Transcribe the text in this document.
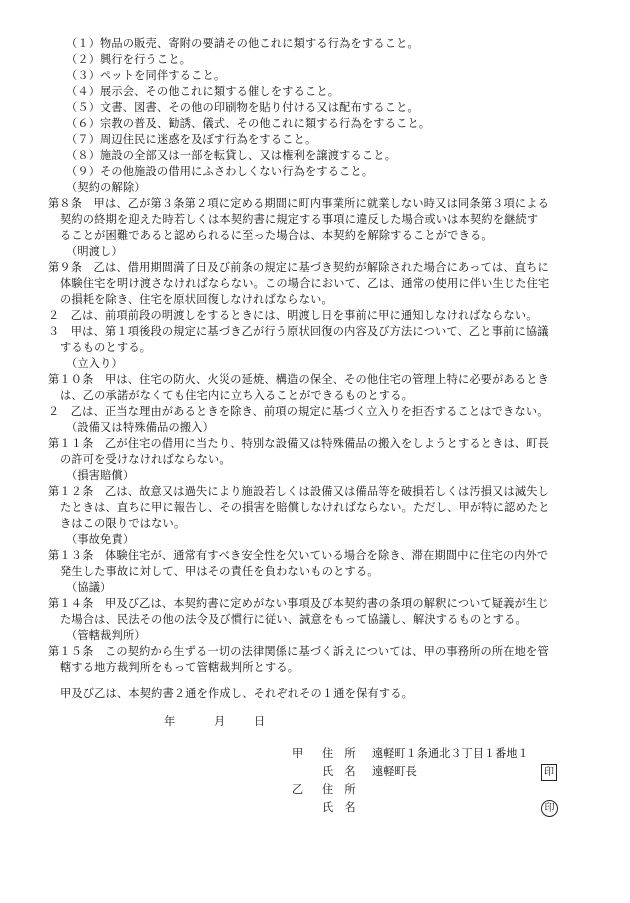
（１）物品の販売、寄附の要請その他これに類する行為をすること。
（２）興行を行うこと。
（３）ペットを同伴すること。
（４）展示会、その他これに類する催しをすること。
（５）文書、図書、その他の印刷物を貼り付ける又は配布すること。
（６）宗教の普及、勧誘、儀式、その他これに類する行為をすること。
（７）周辺住民に迷惑を及ぼす行為をすること。
（８）施設の全部又は一部を転貸し、又は権利を譲渡すること。
（９）その他施設の借用にふさわしくない行為をすること。
（契約の解除）
第８条　甲は、乙が第３条第２項に定める期間に町内事業所に就業しない時又は同条第３項による
契約の終期を迎えた時若しくは本契約書に規定する事項に違反した場合或いは本契約を継続す
ることが困難であると認められるに至った場合は、本契約を解除することができる。
（明渡し）
第９条　乙は、借用期間満了日及び前条の規定に基づき契約が解除された場合にあっては、直ちに
体験住宅を明け渡さなければならない。この場合において、乙は、通常の使用に伴い生じた住宅
の損耗を除き、住宅を原状回復しなければならない。
２　乙は、前項前段の明渡しをするときには、明渡し日を事前に甲に通知しなければならない。
３　甲は、第１項後段の規定に基づき乙が行う原状回復の内容及び方法について、乙と事前に協議
するものとする。
（立入り）
第１０条　甲は、住宅の防火、火災の延焼、構造の保全、その他住宅の管理上特に必要があるとき
は、乙の承諾がなくても住宅内に立ち入ることができるものとする。
２　乙は、正当な理由があるときを除き、前項の規定に基づく立入りを拒否することはできない。
（設備又は特殊備品の搬入）
第１１条　乙が住宅の借用に当たり、特別な設備又は特殊備品の搬入をしようとするときは、町長
の許可を受けなければならない。
（損害賠償）
第１２条　乙は、故意又は過失により施設若しくは設備又は備品等を破損若しくは汚損又は滅失し
たときは、直ちに甲に報告し、その損害を賠償しなければならない。ただし、甲が特に認めたと
きはこの限りではない。
（事故免責）
第１３条　体験住宅が、通常有すべき安全性を欠いている場合を除き、滞在期間中に住宅の内外で
発生した事故に対して、甲はその責任を負わないものとする。
（協議）
第１４条　甲及び乙は、本契約書に定めがない事項及び本契約書の条項の解釈について疑義が生じ
た場合は、民法その他の法令及び慣行に従い、誠意をもって協議し、解決するものとする。
（管轄裁判所）
第１５条　この契約から生ずる一切の法律関係に基づく訴えについては、甲の事務所の所在地を管
轄する地方裁判所をもって管轄裁判所とする。
甲及び乙は、本契約書２通を作成し、それぞれその１通を保有する。
年	月	日
甲 住　所 遠軽町１条通北３丁目１番地１
氏　名 遠軽町長	印
乙 住　所
氏　名	印
